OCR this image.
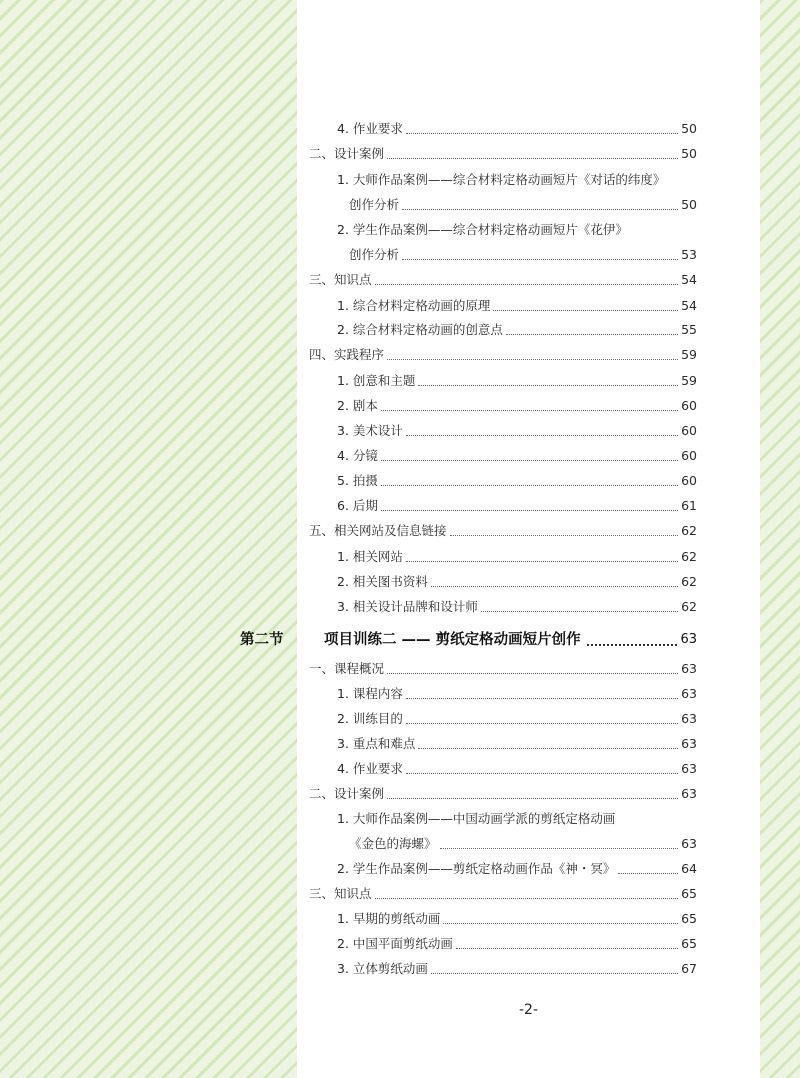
4. 作业要求	50
二、设计案例	50
1. 大师作品案例——综合材料定格动画短片《对话的纬度》
创作分析	50
2. 学生作品案例——综合材料定格动画短片《花伊》
创作分析	53
三、知识点	54
1. 综合材料定格动画的原理	54
2. 综合材料定格动画的创意点	55
四、实践程序	59
1. 创意和主题	59
2. 剧本	60
3. 美术设计	60
4. 分镜	60
5. 拍摄	60
6. 后期	61
五、相关网站及信息链接	62
1. 相关网站	62
2. 相关图书资料	62
3. 相关设计品牌和设计师	62
第二节	项目训练二 —— 剪纸定格动画短片创作	63
一、课程概况	63
1. 课程内容	63
2. 训练目的	63
3. 重点和难点	63
4. 作业要求	63
二、设计案例	63
1. 大师作品案例——中国动画学派的剪纸定格动画
《金色的海螺》	63
2. 学生作品案例——剪纸定格动画作品《神・冥》	64
三、知识点	65
1. 早期的剪纸动画	65
2. 中国平面剪纸动画	65
3. 立体剪纸动画	67
-2-
